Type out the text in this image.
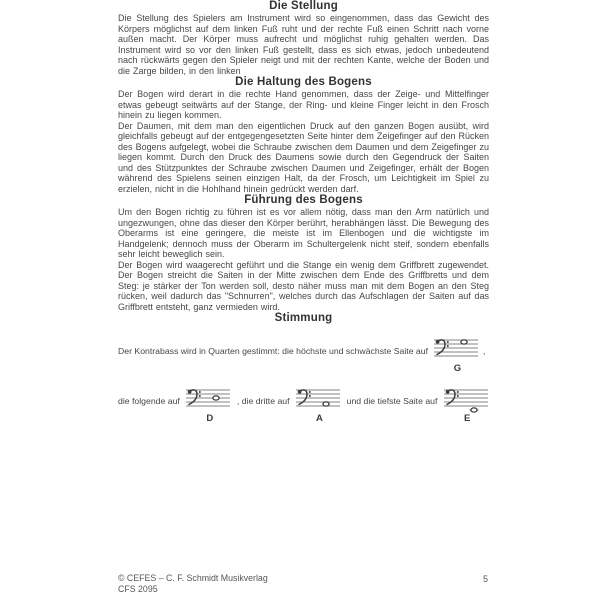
Die Stellung

Die Stellung des Spielers am Instrument wird so eingenommen, dass das Gewicht des Körpers möglichst auf dem linken Fuß ruht und der rechte Fuß einen Schritt nach vorne außen macht. Der Körper muss aufrecht und möglichst ruhig gehalten werden. Das Instrument wird so vor den linken Fuß gestellt, dass es sich etwas, jedoch unbedeutend nach rückwärts gegen den Spieler neigt und mit der rechten Kante, welche der Boden und die Zarge bilden, in den linken

Die Haltung des Bogens

Der Bogen wird derart in die rechte Hand genommen, dass der Zeige- und Mittelfinger etwas gebeugt seitwärts auf der Stange, der Ring- und kleine Finger leicht in den Frosch hinein zu liegen kommen.

Der Daumen, mit dem man den eigentlichen Druck auf den ganzen Bogen ausübt, wird gleichfalls gebeugt auf der entgegengesetzten Seite hinter dem Zeigefinger auf den Rücken des Bogens aufgelegt, wobei die Schraube zwischen dem Daumen und dem Zeigefinger zu liegen kommt. Durch den Druck des Daumens sowie durch den Gegendruck der Saiten und des Stützpunktes der Schraube zwischen Daumen und Zeigefinger, erhält der Bogen während des Spielens seinen einzigen Halt, da der Frosch, um Leichtigkeit im Spiel zu erzielen, nicht in die Hohlhand hinein gedrückt werden darf.

Führung des Bogens

Um den Bogen richtig zu führen ist es vor allem nötig, dass man den Arm natürlich und ungezwungen, ohne das dieser den Körper berührt, herabhängen lässt. Die Bewegung des Oberarms ist eine geringere, die meiste ist im Ellenbogen und die wichtigste im Handgelenk; dennoch muss der Oberarm im Schultergelenk nicht steif, sondern ebenfalls sehr leicht beweglich sein.

Der Bogen wird waagerecht geführt und die Stange ein wenig dem Griffbrett zugewendet. Der Bogen streicht die Saiten in der Mitte zwischen dem Ende des Griffbretts und dem Steg: je stärker der Ton werden soll, desto näher muss man mit dem Bogen an den Steg rücken, weil dadurch das "Schnurren", welches durch das Aufschlagen der Saiten auf das Griffbrett entsteht, ganz vermieden wird.

Stimmung
Der Kontrabass wird in Quarten gestimmt: die höchste und schwächste Saite auf
G
,
die folgende auf
D
, die dritte auf
A
und die tiefste Saite auf
E
© CEFES – C. F. Schmidt Musikverlag
CFS 2095
5
